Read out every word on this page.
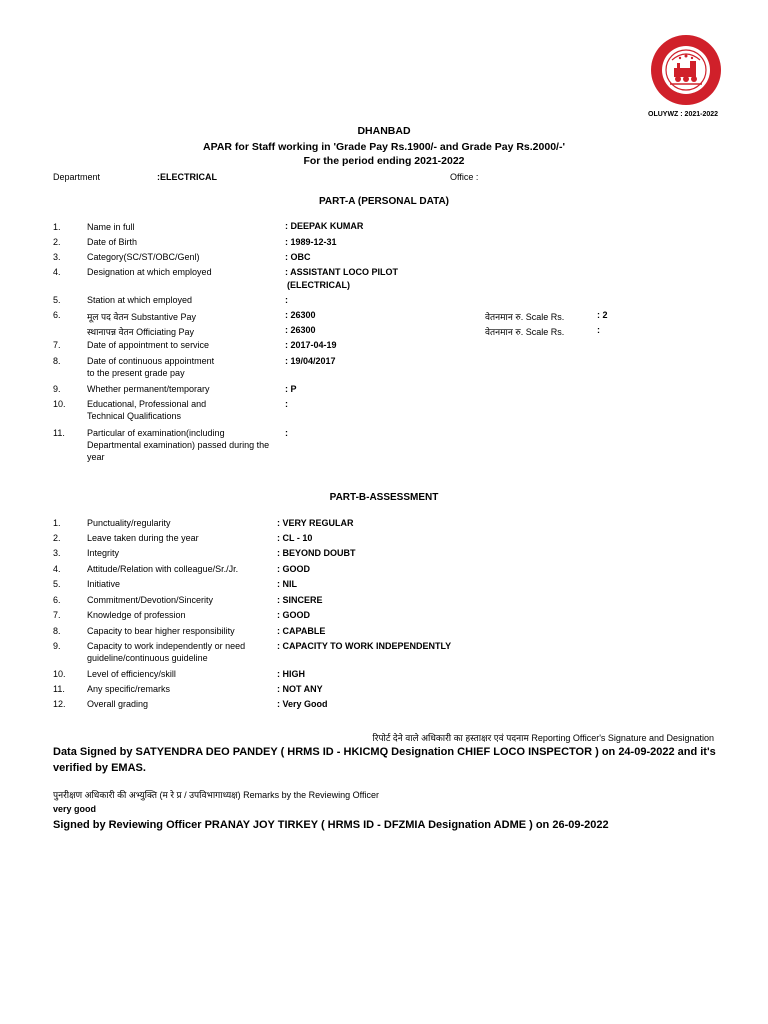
OLUYWZ : 2021-2022
DHANBAD
APAR for Staff working in 'Grade Pay Rs.1900/- and Grade Pay Rs.2000/-'
For the period ending 2021-2022
Department	:ELECTRICAL	Office :
PART-A (PERSONAL DATA)
1.	Name in full	: DEEPAK KUMAR
2.	Date of Birth	: 1989-12-31
3.	Category(SC/ST/OBC/Genl)	: OBC
4.	Designation at which employed	: ASSISTANT LOCO PILOT
(ELECTRICAL)
5.	Station at which employed	:
6.	मूल पद वेतन Substantive Pay	: 26300	वेतनमान रु. Scale Rs.	: 2
स्थानापन्न वेतन Officiating Pay	: 26300	वेतनमान रु. Scale Rs.	:
7.	Date of appointment to service	: 2017-04-19
8.	Date of continuous appointment
to the present grade pay
: 19/04/2017
9.	Whether permanent/temporary	: P
10. Educational, Professional and
Technical Qualifications
:
11. Particular of examination(including
Departmental examination) passed during the
year
:
PART-B-ASSESSMENT
1.	Punctuality/regularity	: VERY REGULAR
2.	Leave taken during the year	: CL - 10
3.	Integrity	: BEYOND DOUBT
4.	Attitude/Relation with colleague/Sr./Jr.	: GOOD
5.	Initiative	: NIL
6.	Commitment/Devotion/Sincerity	: SINCERE
7.	Knowledge of profession	: GOOD
8.	Capacity to bear higher responsibility	: CAPABLE
9.	Capacity to work independently or need
guideline/continuous guideline
: CAPACITY TO WORK INDEPENDENTLY
10. Level of efficiency/skill	: HIGH
11. Any specific/remarks	: NOT ANY
12. Overall grading	: Very Good
रिपोर्ट देने वाले अधिकारी का हस्ताक्षर एवं पदनाम Reporting Officer's Signature and Designation
Data Signed by SATYENDRA DEO PANDEY ( HRMS ID - HKICMQ Designation CHIEF LOCO INSPECTOR ) on 24-09-2022 and it's
verified by EMAS.
पुनरीक्षण अधिकारी की अभ्युक्ति (म रे प्र / उपविभागाध्यक्ष) Remarks by the Reviewing Officer
very good
Signed by Reviewing Officer PRANAY JOY TIRKEY ( HRMS ID - DFZMIA Designation ADME ) on 26-09-2022
